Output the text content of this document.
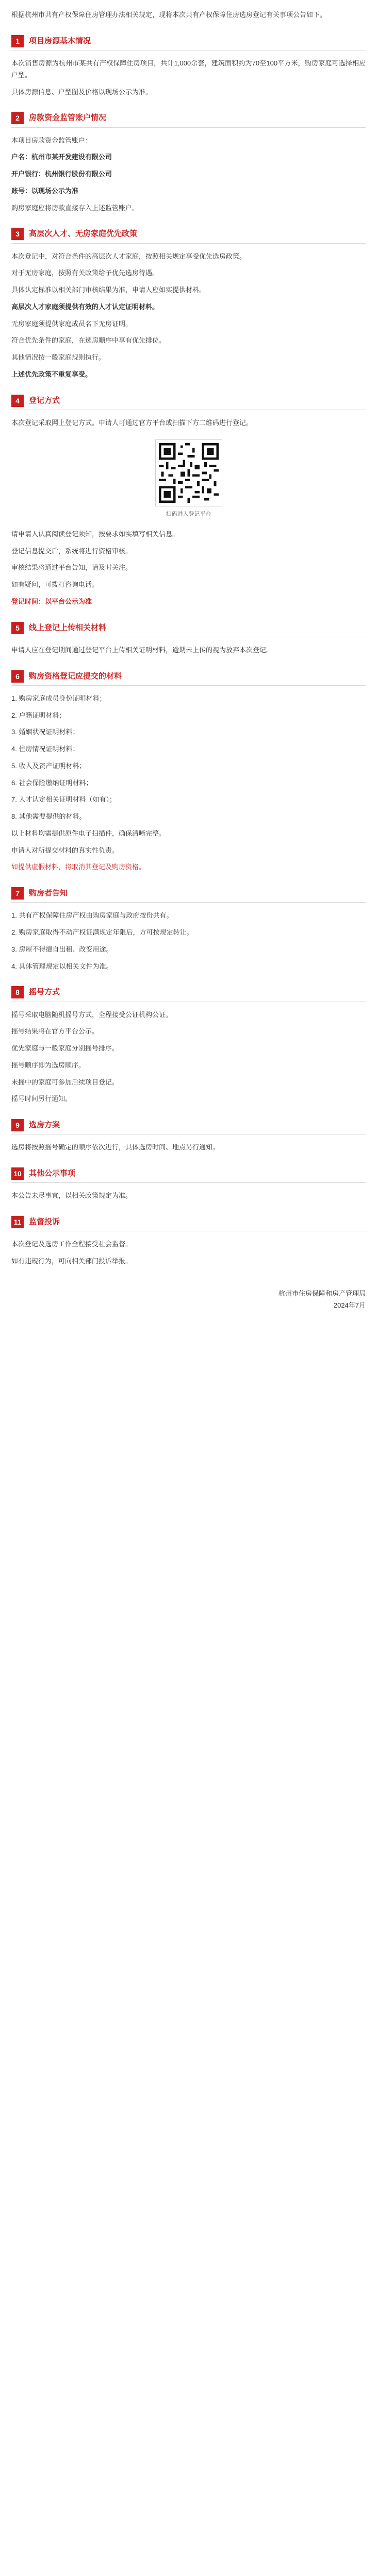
根据杭州市共有产权保障住房管理办法相关规定，现将本次共有产权保障住房选房登记有关事项公告如下。

1	项目房源基本情况

本次销售房源为杭州市某共有产权保障住房项目，共计1,000余套，建筑面积约为70至100平方米，购房家庭可选择相应户型。

具体房源信息、户型图及价格以现场公示为准。

2	房款资金监管账户情况

本项目房款资金监管账户：

户名：杭州市某开发建设有限公司

开户银行：杭州银行股份有限公司

账号：以现场公示为准

购房家庭应将房款直接存入上述监管账户。

3	高层次人才、无房家庭优先政策

本次登记中，对符合条件的高层次人才家庭，按照相关规定享受优先选房政策。

对于无房家庭，按照有关政策给予优先选房待遇。

具体认定标准以相关部门审核结果为准，申请人应如实提供材料。

高层次人才家庭须提供有效的人才认定证明材料。

无房家庭须提供家庭成员名下无房证明。

符合优先条件的家庭，在选房顺序中享有优先排位。

其他情况按一般家庭规则执行。

上述优先政策不重复享受。

4	登记方式

本次登记采取网上登记方式。申请人可通过官方平台或扫描下方二维码进行登记。

扫码进入登记平台

请申请人认真阅读登记须知，按要求如实填写相关信息。

登记信息提交后，系统将进行资格审核。

审核结果将通过平台告知，请及时关注。

如有疑问，可拨打咨询电话。

登记时间：以平台公示为准

5	线上登记上传相关材料

申请人应在登记期间通过登记平台上传相关证明材料，逾期未上传的视为放弃本次登记。

6	购房资格登记应提交的材料

1. 购房家庭成员身份证明材料；

2. 户籍证明材料；

3. 婚姻状况证明材料；

4. 住房情况证明材料；

5. 收入及资产证明材料；

6. 社会保险缴纳证明材料；

7. 人才认定相关证明材料（如有）；

8. 其他需要提供的材料。

以上材料均需提供原件电子扫描件，确保清晰完整。

申请人对所提交材料的真实性负责。

如提供虚假材料，将取消其登记及购房资格。

7	购房者告知

1. 共有产权保障住房产权由购房家庭与政府按份共有。

2. 购房家庭取得不动产权证满规定年限后，方可按规定转让。

3. 房屋不得擅自出租、改变用途。

4. 具体管理规定以相关文件为准。

8	摇号方式

摇号采取电脑随机摇号方式，全程接受公证机构公证。

摇号结果将在官方平台公示。

优先家庭与一般家庭分别摇号排序。

摇号顺序即为选房顺序。

未摇中的家庭可参加后续项目登记。

摇号时间另行通知。

9	选房方案

选房将按照摇号确定的顺序依次进行，具体选房时间、地点另行通知。

10 其他公示事项

本公告未尽事宜，以相关政策规定为准。

11 监督投诉

本次登记及选房工作全程接受社会监督。

如有违规行为，可向相关部门投诉举报。

杭州市住房保障和房产管理局

2024年7月
